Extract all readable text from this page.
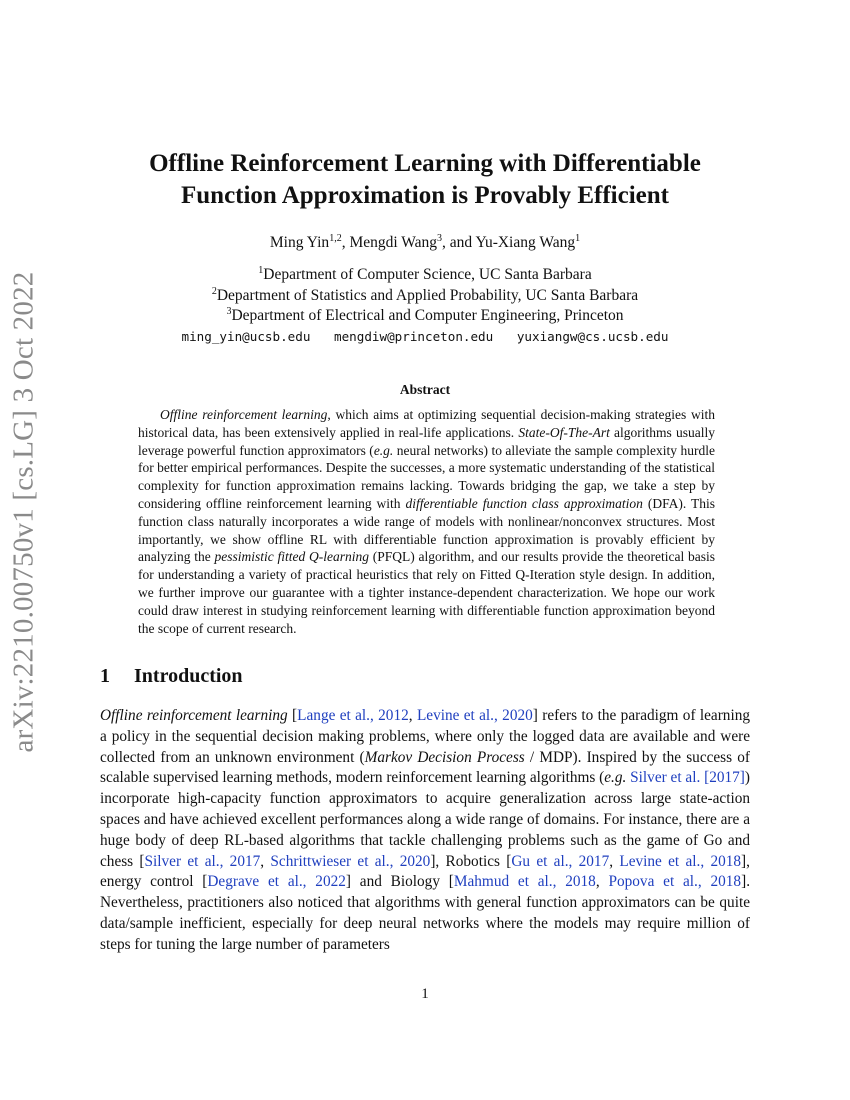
arXiv:2210.00750v1 [cs.LG] 3 Oct 2022
Offline Reinforcement Learning with Differentiable
Function Approximation is Provably Efficient
Ming Yin$^{1,2}$, Mengdi Wang$^3$, and Yu-Xiang Wang$^1$
$^1$Department of Computer Science, UC Santa Barbara
$^2$Department of Statistics and Applied Probability, UC Santa Barbara
$^3$Department of Electrical and Computer Engineering, Princeton
ming_yin@ucsb.edu mengdiw@princeton.edu yuxiangw@cs.ucsb.edu
Abstract

Offline reinforcement learning, which aims at optimizing sequential decision-making strategies with historical data, has been extensively applied in real-life applications. State-Of-The-Art algorithms usually leverage powerful function approximators (e.g. neural networks) to alleviate the sample complexity hurdle for better empirical performances. Despite the successes, a more systematic understanding of the statistical complexity for function approximation remains lacking. Towards bridging the gap, we take a step by considering offline reinforcement learning with differentiable function class approximation (DFA). This function class naturally incorporates a wide range of models with nonlinear/nonconvex structures. Most importantly, we show offline RL with differentiable function approximation is provably efficient by analyzing the pessimistic fitted Q-learning (PFQL) algorithm, and our results provide the theoretical basis for understanding a variety of practical heuristics that rely on Fitted Q-Iteration style design. In addition, we further improve our guarantee with a tighter instance-dependent characterization. We hope our work could draw interest in studying reinforcement learning with differentiable function approximation beyond the scope of current research.

1 Introduction

Offline reinforcement learning [Lange et al., 2012, Levine et al., 2020] refers to the paradigm of learning a policy in the sequential decision making problems, where only the logged data are available and were collected from an unknown environment (Markov Decision Process / MDP). Inspired by the success of scalable supervised learning methods, modern reinforcement learning algorithms (e.g. Silver et al. [2017]) incorporate high-capacity function approximators to acquire generalization across large state-action spaces and have achieved excellent performances along a wide range of domains. For instance, there are a huge body of deep RL-based algorithms that tackle challenging problems such as the game of Go and chess [Silver et al., 2017, Schrittwieser et al., 2020], Robotics [Gu et al., 2017, Levine et al., 2018], energy control [Degrave et al., 2022] and Biology [Mahmud et al., 2018, Popova et al., 2018]. Nevertheless, practitioners also noticed that algorithms with general function approximators can be quite data/sample inefficient, especially for deep neural networks where the models may require million of steps for tuning the large number of parameters

1
